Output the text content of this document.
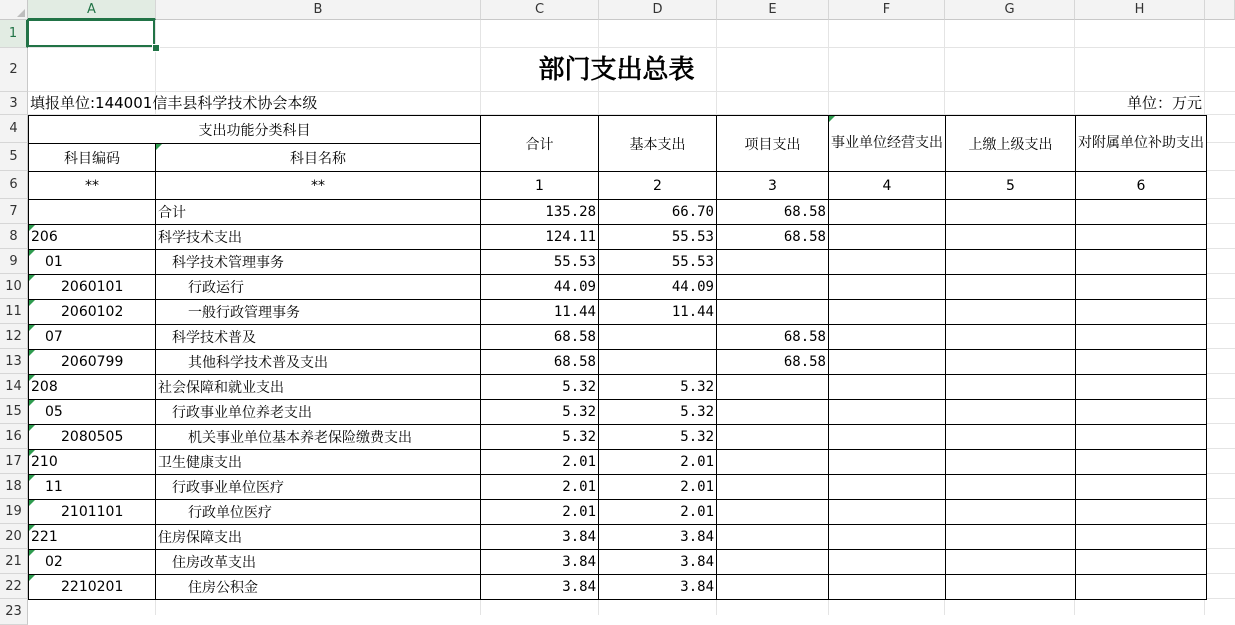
A	B	C	D	E	F	G	H
1
2
3
4
5
6
7
8
9
10
11
12
13
14
15
16
17
18
19
20
21
22
23
部门支出总表
填报单位:144001信丰县科学技术协会本级	单位：万元
支出功能分类科目		合计	基本支出	项目支出	事业单位经营支出	上缴上级支出	对附属单位补助支出
科目编码	科目名称						
**	**	1	2	3	4	5	6
	合计	135.28	66.70	68.58			
206	科学技术支出	124.11	55.53	68.58			
01	科学技术管理事务	55.53	55.53				
2060101	行政运行	44.09	44.09				
2060102	一般行政管理事务	11.44	11.44				
07	科学技术普及	68.58		68.58			
2060799	其他科学技术普及支出	68.58		68.58			
208	社会保障和就业支出	5.32	5.32				
05	行政事业单位养老支出	5.32	5.32				
2080505	机关事业单位基本养老保险缴费支出	5.32	5.32				
210	卫生健康支出	2.01	2.01				
11	行政事业单位医疗	2.01	2.01				
2101101	行政单位医疗	2.01	2.01				
221	住房保障支出	3.84	3.84				
02	住房改革支出	3.84	3.84				
2210201	住房公积金	3.84	3.84				
